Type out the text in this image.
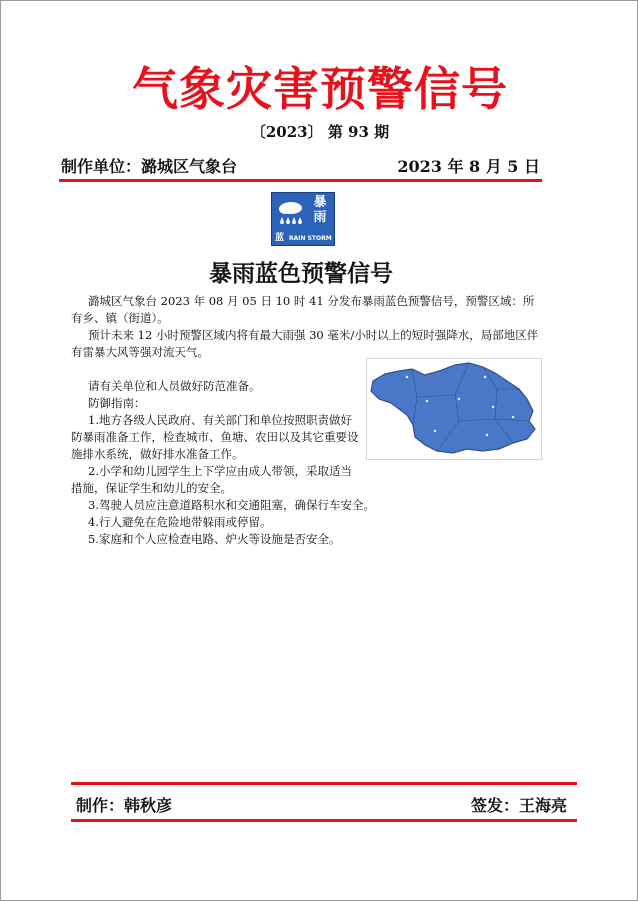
气象灾害预警信号
〔2023〕 第 93 期
制作单位：潞城区气象台	2023 年 8 月 5 日
暴
雨
蓝 RAIN STORM
暴雨蓝色预警信号

潞城区气象台 2023 年 08 月 05 日 10 时 41 分发布暴雨蓝色预警信号，预警区域：所有乡、镇（街道）。

预计未来 12 小时预警区域内将有最大雨强 30 毫米/小时以上的短时强降水，局部地区伴有雷暴大风等强对流天气。

请有关单位和人员做好防范准备。

防御指南：

1.地方各级人民政府、有关部门和单位按照职责做好防暴雨准备工作，检查城市、鱼塘、农田以及其它重要设施排水系统，做好排水准备工作。

2.小学和幼儿园学生上下学应由成人带领，采取适当措施，保证学生和幼儿的安全。

3.驾驶人员应注意道路积水和交通阻塞，确保行车安全。

4.行人避免在危险地带躲雨或停留。

5.家庭和个人应检查电路、炉火等设施是否安全。

制作：韩秋彦	签发：王海亮
